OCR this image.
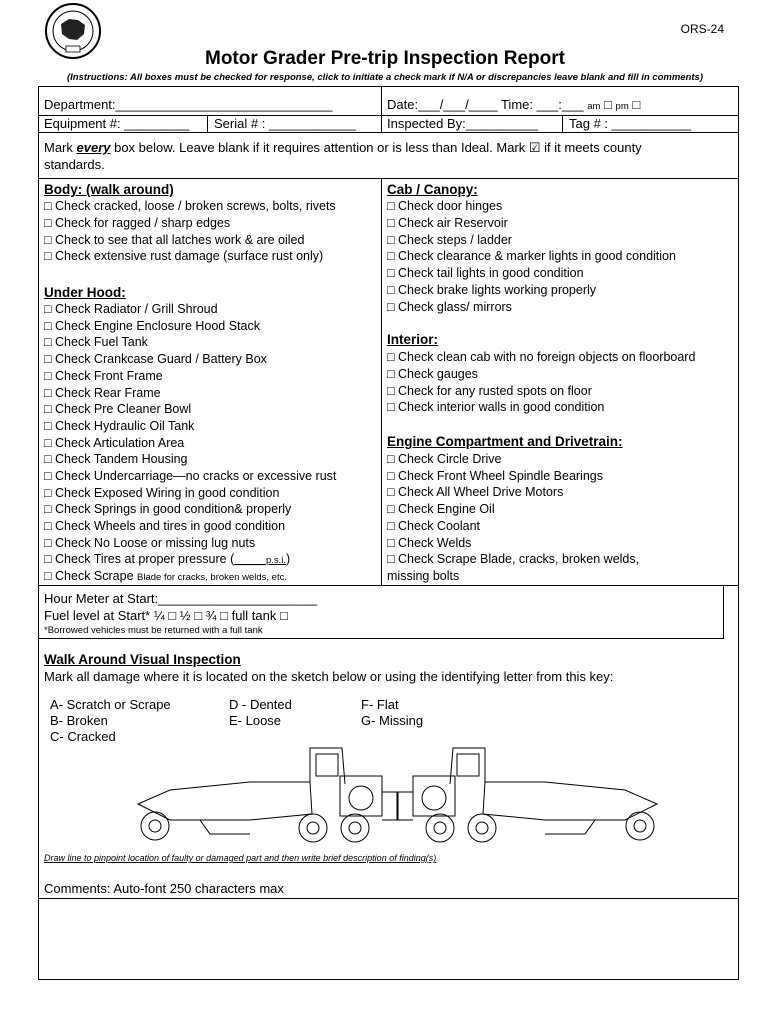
ORS-24
Motor Grader Pre-trip Inspection Report
(Instructions: All boxes must be checked for response, click to initiate a check mark if N/A or discrepancies leave blank and fill in comments)
Department:______________________________	Date:___/___/____ Time: ___:___ am □ pm □
Equipment #: _________ Serial # : ____________ Inspected By:__________ Tag # : ___________
Mark every box below. Leave blank if it requires attention or is less than Ideal. Mark ☑ if it meets county
standards.
Body: (walk around)
□ Check cracked, loose / broken screws, bolts, rivets
□ Check for ragged / sharp edges
□ Check to see that all latches work & are oiled
□ Check extensive rust damage (surface rust only)
Under Hood:
□ Check Radiator / Grill Shroud
□ Check Engine Enclosure Hood Stack
□ Check Fuel Tank
□ Check Crankcase Guard / Battery Box
□ Check Front Frame
□ Check Rear Frame
□ Check Pre Cleaner Bowl
□ Check Hydraulic Oil Tank
□ Check Articulation Area
□ Check Tandem Housing
□ Check Undercarriage—no cracks or excessive rust
□ Check Exposed Wiring in good condition
□ Check Springs in good condition& properly
□ Check Wheels and tires in good condition
□ Check No Loose or missing lug nuts
□ Check Tires at proper pressure (______p.s.i.)
□ Check Scrape Blade for cracks, broken welds, etc.
Cab / Canopy:
□ Check door hinges
□ Check air Reservoir
□ Check steps / ladder
□ Check clearance & marker lights in good condition
□ Check tail lights in good condition
□ Check brake lights working properly
□ Check glass/ mirrors
Interior:
□ Check clean cab with no foreign objects on floorboard
□ Check gauges
□ Check for any rusted spots on floor
□ Check interior walls in good condition
Engine Compartment and Drivetrain:
□ Check Circle Drive
□ Check Front Wheel Spindle Bearings
□ Check All Wheel Drive Motors
□ Check Engine Oil
□ Check Coolant
□ Check Welds
□ Check Scrape Blade, cracks, broken welds,
missing bolts
Hour Meter at Start:______________________
Fuel level at Start* ¼ □ ½ □ ¾ □ full tank □
*Borrowed vehicles must be returned with a full tank
Walk Around Visual Inspection
Mark all damage where it is located on the sketch below or using the identifying letter from this key:
A- Scratch or Scrape
B- Broken
C- Cracked
D - Dented
E- Loose
F- Flat
G- Missing
Draw line to pinpoint location of faulty or damaged part and then write brief description of finding(s)
Comments: Auto-font 250 characters max
